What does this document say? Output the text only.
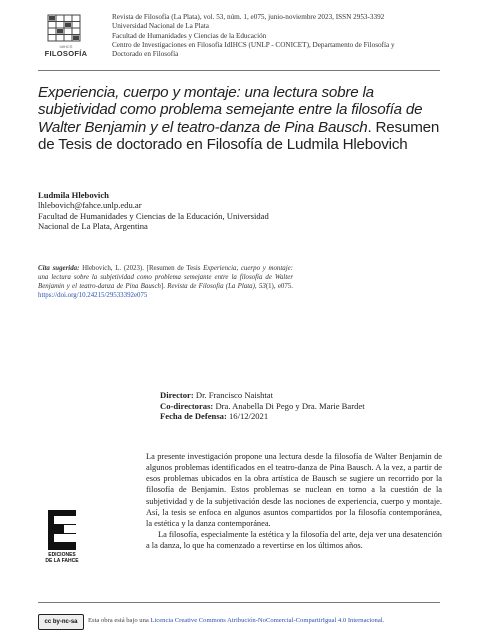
IdIHCS
FILOSOFÍA
Revista de Filosofía (La Plata), vol. 53, núm. 1, e075, junio-noviembre 2023, ISSN 2953-3392
Universidad Nacional de La Plata
Facultad de Humanidades y Ciencias de la Educación
Centro de Investigaciones en Filosofía IdIHCS (UNLP - CONICET), Departamento de Filosofía y
Doctorado en Filosofía
Experiencia, cuerpo y montaje: una lectura sobre la subjetividad como problema semejante entre la filosofía de Walter Benjamin y el teatro-danza de Pina Bausch. Resumen de Tesis de doctorado en Filosofía de Ludmila Hlebovich
Ludmila Hlebovich
lhlebovich@fahce.unlp.edu.ar
Facultad de Humanidades y Ciencias de la Educación, Universidad Nacional de La Plata, Argentina
Cita sugerida: Hlebovich, L. (2023). [Resumen de Tesis Experiencia, cuerpo y montaje: una lectura sobre la subjetividad como problema semejante entre la filosofía de Walter Benjamin y el teatro-danza de Pina Bausch]. Revista de Filosofía (La Plata), 53(1), e075. https://doi.org/10.24215/29533392e075
Director: Dr. Francisco Naishtat
Co-directoras: Dra. Anabella Di Pego y Dra. Marie Bardet
Fecha de Defensa: 16/12/2021

La presente investigación propone una lectura desde la filosofía de Walter Benjamin de algunos problemas identificados en el teatro-danza de Pina Bausch. A la vez, a partir de esos problemas ubicados en la obra artística de Bausch se sugiere un recorrido por la filosofía de Benjamin. Estos problemas se nuclean en torno a la cuestión de la subjetividad y de la subjetivación desde las nociones de experiencia, cuerpo y montaje. Así, la tesis se enfoca en algunos asuntos compartidos por la filosofía contemporánea, la estética y la danza contemporánea.

La filosofía, especialmente la estética y la filosofía del arte, deja ver una desatención a la danza, lo que ha comenzado a revertirse en los últimos años.

EDICIONES
DE LA FAHCE
cc by-nc-sa	Esta obra está bajo una Licencia Creative Commons Atribución-NoComercial-CompartirIgual 4.0 Internacional.
